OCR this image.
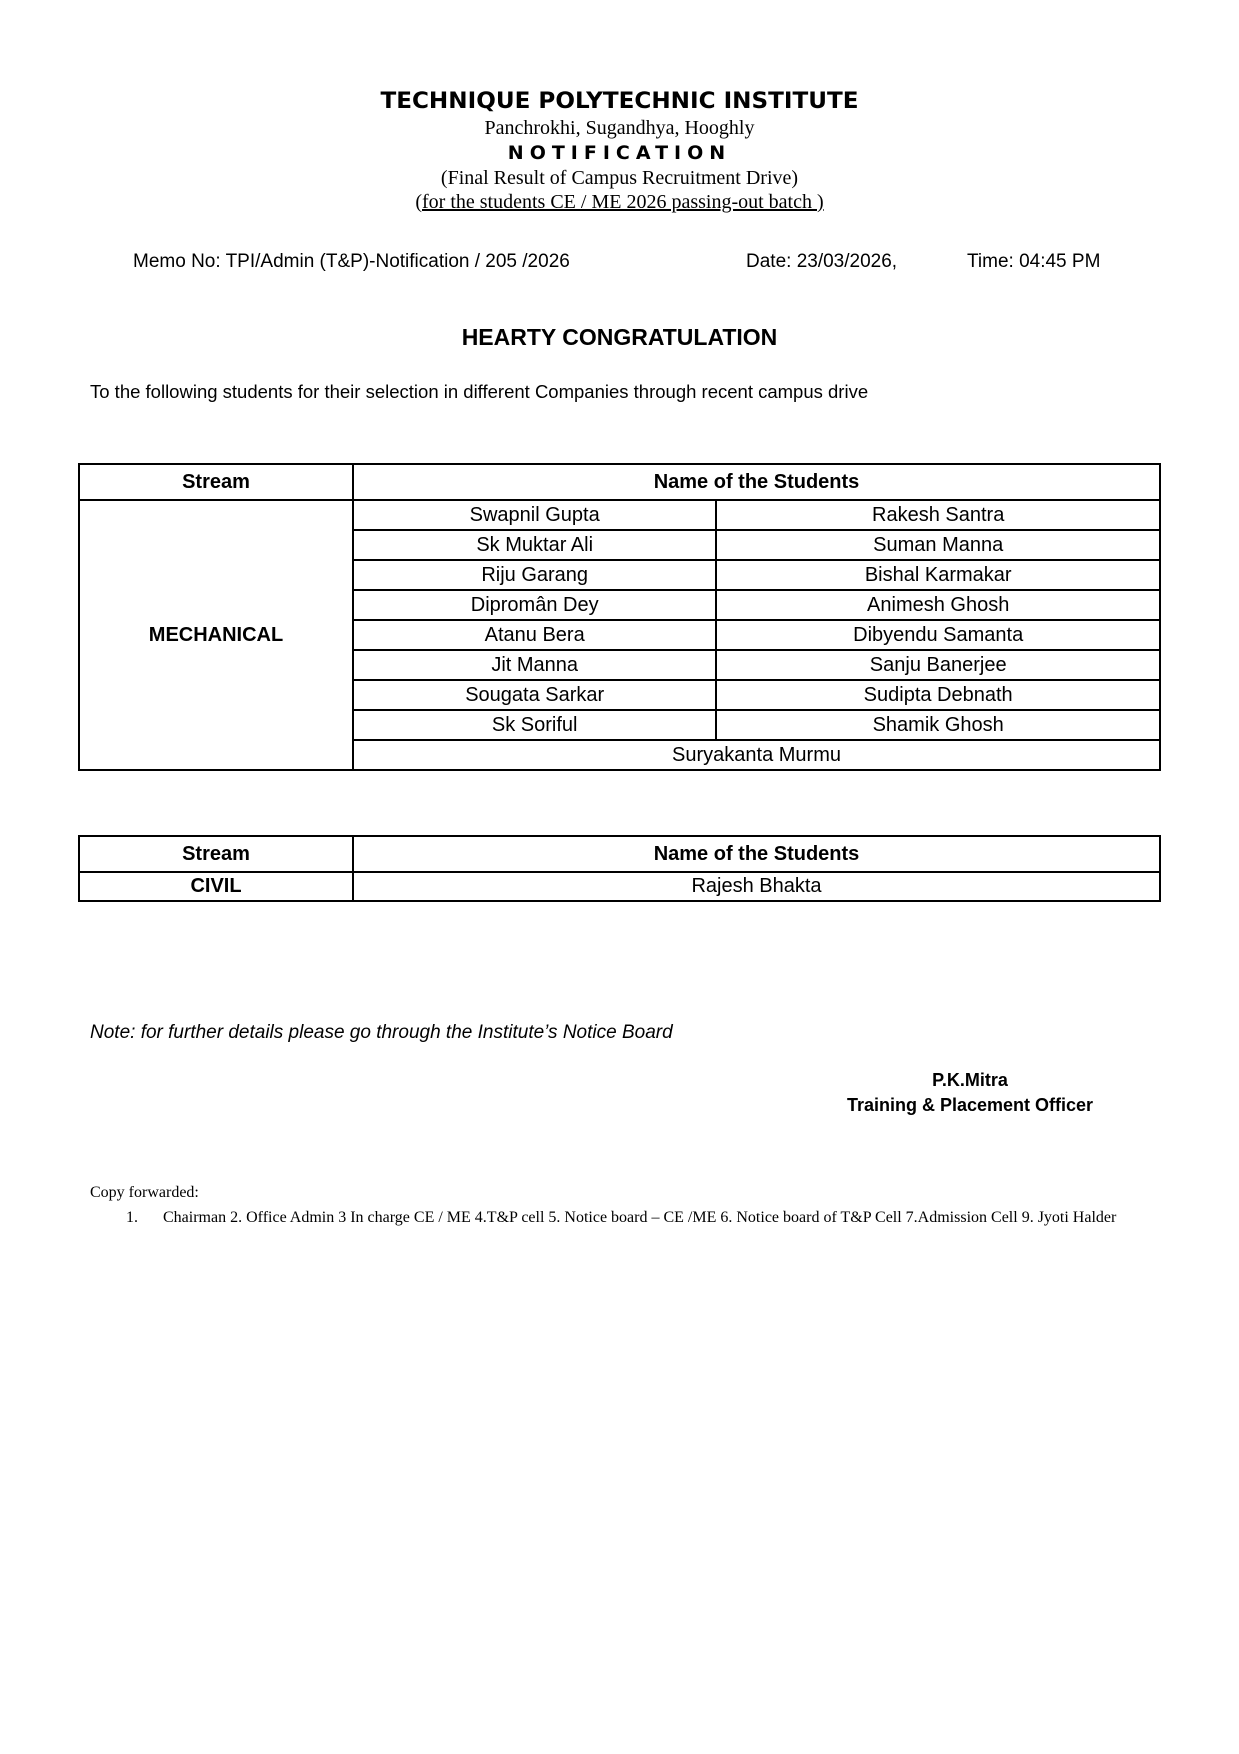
TECHNIQUE POLYTECHNIC INSTITUTE
Panchrokhi, Sugandhya, Hooghly
NOTIFICATION
(Final Result of Campus Recruitment Drive)
(for the students CE / ME 2026 passing-out batch )
Memo No: TPI/Admin (T&P)-Notification / 205 /2026	Date: 23/03/2026,	Time: 04:45 PM
HEARTY CONGRATULATION
To the following students for their selection in different Companies through recent campus drive
Stream	Name of the Students	
MECHANICAL	Swapnil Gupta	Rakesh Santra
	Sk Muktar Ali	Suman Manna
	Riju Garang	Bishal Karmakar
	Dipromân Dey	Animesh Ghosh
	Atanu Bera	Dibyendu Samanta
	Jit Manna	Sanju Banerjee
	Sougata Sarkar	Sudipta Debnath
	Sk Soriful	Shamik Ghosh
	Suryakanta Murmu	
Stream	Name of the Students
CIVIL	Rajesh Bhakta
Note: for further details please go through the Institute’s Notice Board
P.K.Mitra
Training & Placement Officer
Copy forwarded:
1. Chairman 2. Office Admin 3 In charge CE / ME 4.T&P cell 5. Notice board – CE /ME 6. Notice board of T&P Cell 7.Admission Cell 9. Jyoti Halder
